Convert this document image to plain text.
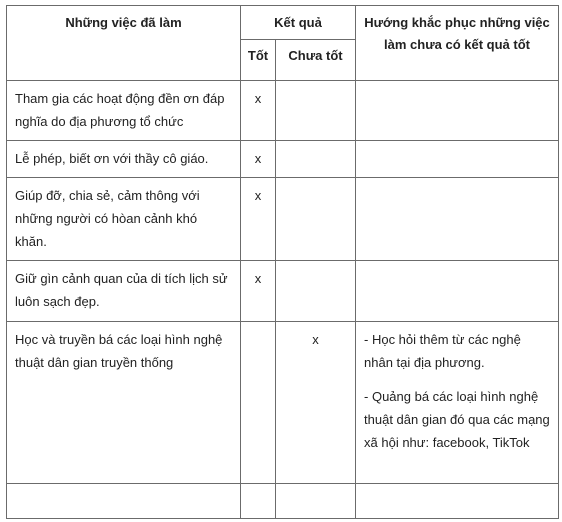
Những việc đã làm	Kết quả		Hướng khắc phục những việc làm chưa có kết quả tốt
	Tốt	Chưa tốt	
Tham gia các hoạt động đền ơn đáp nghĩa do địa phương tổ chức	x		
Lễ phép, biết ơn với thầy cô giáo.	x		
Giúp đỡ, chia sẻ, cảm thông với những người có hòan cảnh khó khăn.	x		
Giữ gìn cảnh quan của di tích lịch sử luôn sạch đẹp.	x		
Học và truyền bá các loại hình nghệ thuật dân gian truyền thống		x	- Học hỏi thêm từ các nghệ nhân tại địa phương.

- Quảng bá các loại hình nghệ thuật dân gian đó qua các mạng xã hội như: facebook, TikTok
